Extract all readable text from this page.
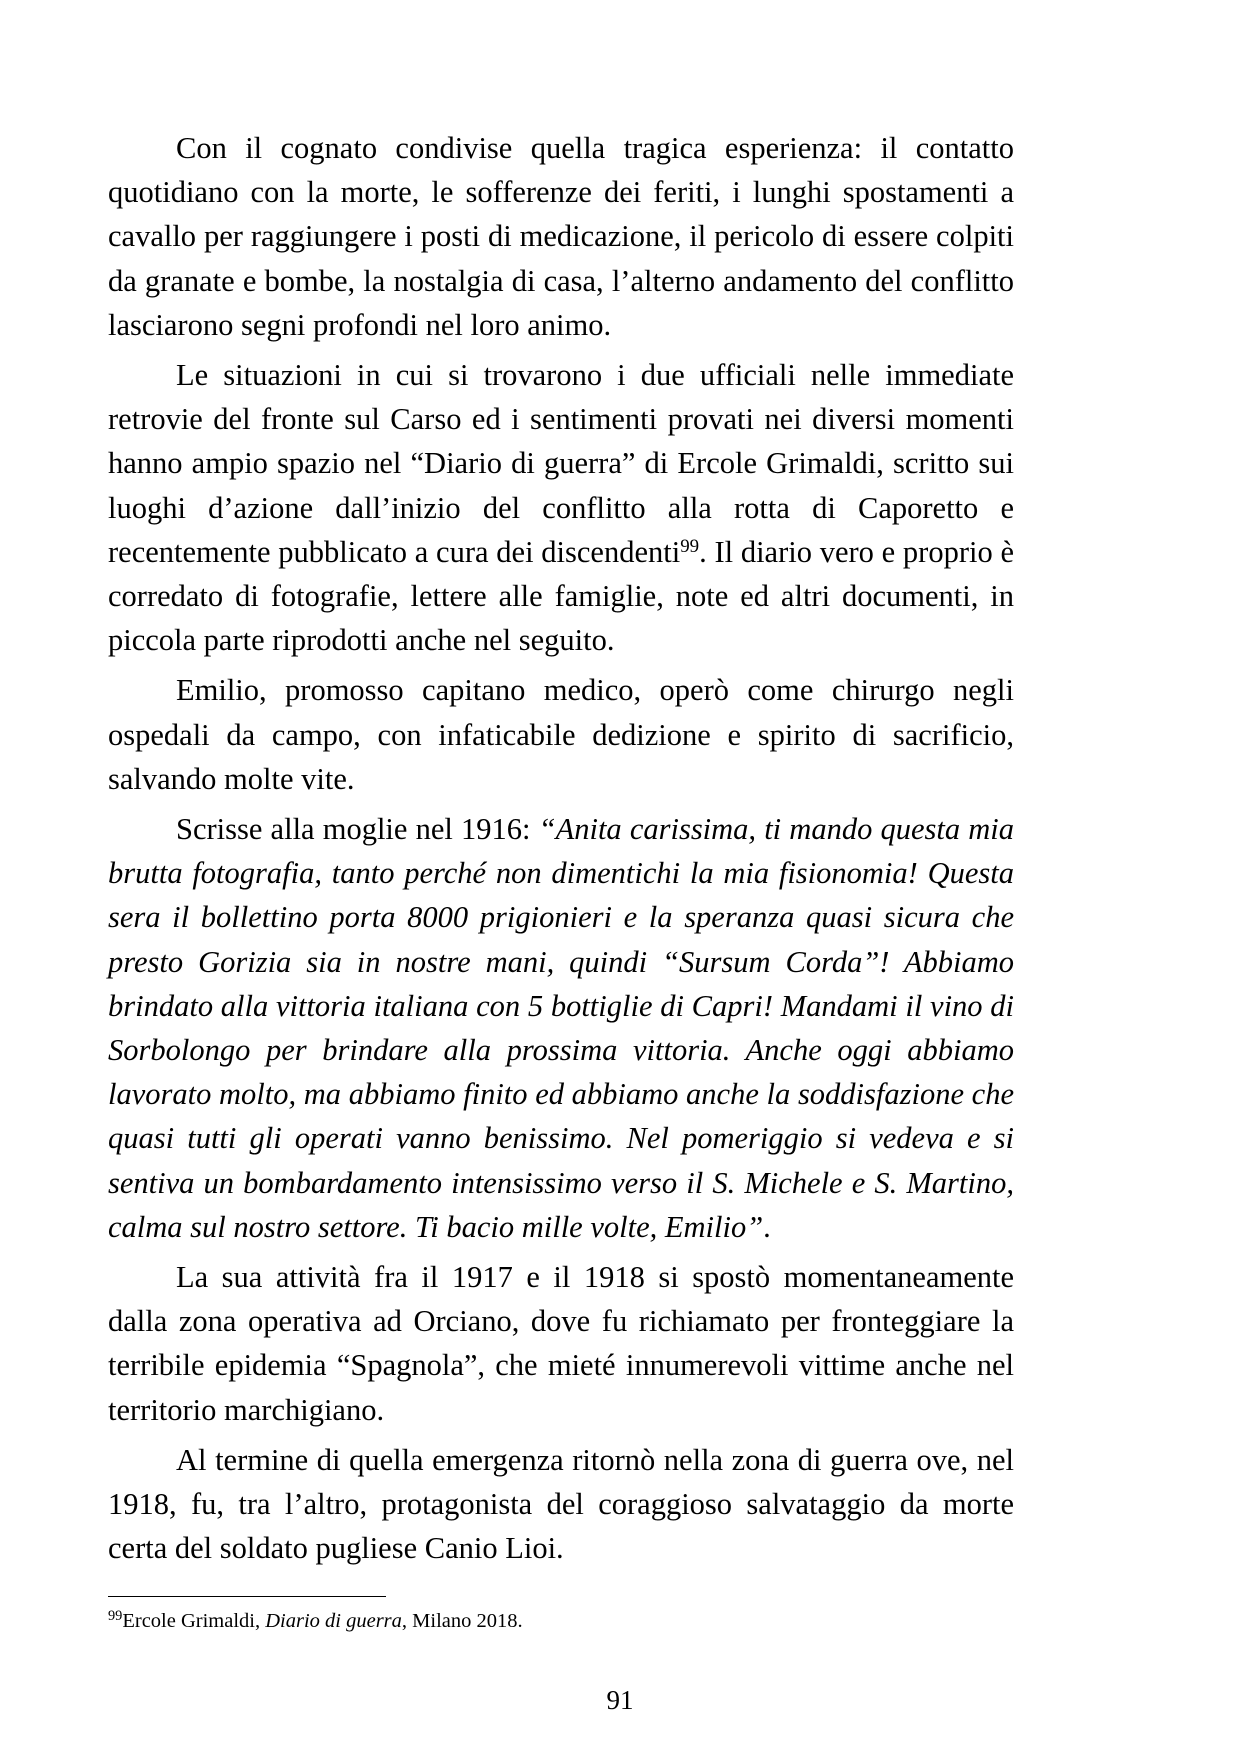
Con il cognato condivise quella tragica esperienza: il contatto quotidiano con la morte, le sofferenze dei feriti, i lunghi spostamenti a cavallo per raggiungere i posti di medicazione, il pericolo di essere colpiti da granate e bombe, la nostalgia di casa, l’alterno andamento del conflitto lasciarono segni profondi nel loro animo.

Le situazioni in cui si trovarono i due ufficiali nelle immediate retrovie del fronte sul Carso ed i sentimenti provati nei diversi momenti hanno ampio spazio nel “Diario di guerra” di Ercole Grimaldi, scritto sui luoghi d’azione dall’inizio del conflitto alla rotta di Caporetto e recentemente pubblicato a cura dei discendenti$^{99}$. Il diario vero e proprio è corredato di fotografie, lettere alle famiglie, note ed altri documenti, in piccola parte riprodotti anche nel seguito.

Emilio, promosso capitano medico, operò come chirurgo negli ospedali da campo, con infaticabile dedizione e spirito di sacrificio, salvando molte vite.

Scrisse alla moglie nel 1916: “Anita carissima, ti mando questa mia brutta fotografia, tanto perché non dimentichi la mia fisionomia! Questa sera il bollettino porta 8000 prigionieri e la speranza quasi sicura che presto Gorizia sia in nostre mani, quindi “Sursum Corda”! Abbiamo brindato alla vittoria italiana con 5 bottiglie di Capri! Mandami il vino di Sorbolongo per brindare alla prossima vittoria. Anche oggi abbiamo lavorato molto, ma abbiamo finito ed abbiamo anche la soddisfazione che quasi tutti gli operati vanno benissimo. Nel pomeriggio si vedeva e si sentiva un bombardamento intensissimo verso il S. Michele e S. Martino, calma sul nostro settore. Ti bacio mille volte, Emilio”.

La sua attività fra il 1917 e il 1918 si spostò momentaneamente dalla zona operativa ad Orciano, dove fu richiamato per fronteggiare la terribile epidemia “Spagnola”, che mieté innumerevoli vittime anche nel territorio marchigiano.

Al termine di quella emergenza ritornò nella zona di guerra ove, nel 1918, fu, tra l’altro, protagonista del coraggioso salvataggio da morte certa del soldato pugliese Canio Lioi.

$^{99}$Ercole Grimaldi, Diario di guerra, Milano 2018.

91
